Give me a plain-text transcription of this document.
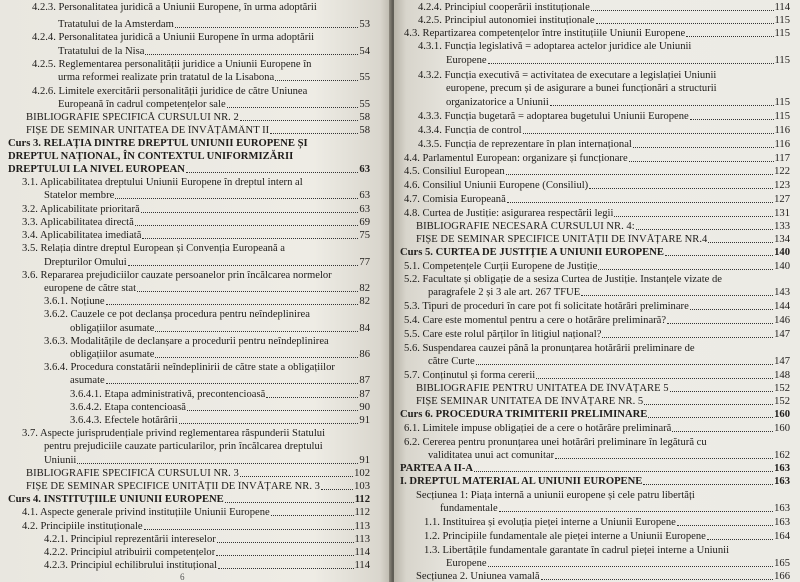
4.2.3. Personalitatea juridică a Uniunii Europene, în urma adoptării
Tratatului de la Amsterdam	53
4.2.4. Personalitatea juridică a Uniunii Europene în urma adoptării
Tratatului de la Nisa	54
4.2.5. Reglementarea personalității juridice a Uniunii Europene în
urma reformei realizate prin tratatul de la Lisabona	55
4.2.6. Limitele exercitării personalității juridice de către Uniunea
Europeană în cadrul competențelor sale	55
BIBLIOGRAFIE SPECIFICĂ CURSULUI NR. 2	58
FIȘE DE SEMINAR UNITATEA DE ÎNVĂȚĂMÂNT II	58
Curs 3. RELAȚIA DINTRE DREPTUL UNIUNII EUROPENE ȘI
DREPTUL NAȚIONAL, ÎN CONTEXTUL UNIFORMIZĂRII
DREPTULUI LA NIVEL EUROPEAN	63
3.1. Aplicabilitatea dreptului Uniunii Europene în dreptul intern al
Statelor membre	63
3.2. Aplicabilitate prioritară	63
3.3. Aplicabilitatea directă	69
3.4. Aplicabilitatea imediată	75
3.5. Relația dintre dreptul European și Convenția Europeană a
Drepturilor Omului	77
3.6. Repararea prejudiciilor cauzate persoanelor prin încălcarea normelor
europene de către stat	82
3.6.1. Noțiune	82
3.6.2. Cauzele ce pot declanșa procedura pentru neîndeplinirea
obligațiilor asumate	84
3.6.3. Modalitățile de declanșare a procedurii pentru neîndeplinirea
obligațiilor asumate	86
3.6.4. Procedura constatării neîndeplinirii de către state a obligațiilor
asumate	87
3.6.4.1. Etapa administrativă, precontencioasă	87
3.6.4.2. Etapa contencioasă	90
3.6.4.3. Efectele hotărârii	91
3.7. Aspecte jurisprudențiale privind reglementarea răspunderii Statului
pentru prejudiciile cauzate particularilor, prin încălcarea dreptului
Uniunii	91
BIBLIOGRAFIE SPECIFICĂ CURSULUI NR. 3	102
FIȘE DE SEMINAR SPECIFICE UNITĂȚII DE ÎNVĂȚARE NR. 3	103
Curs 4. INSTITUȚIILE UNIUNII EUROPENE	112
4.1. Aspecte generale privind instituțiile Uniunii Europene	112
4.2. Principiile instituționale	113
4.2.1. Principiul reprezentării intereselor	113
4.2.2. Principiul atribuirii competențelor	114
4.2.3. Principiul echilibrului instituțional	114
6
4.2.4. Principiul cooperării instituționale	114
4.2.5. Principiul autonomiei instituționale	115
4.3. Repartizarea competențelor între instituțiile Uniunii Europene	115
4.3.1. Funcția legislativă = adoptarea actelor juridice ale Uniunii
Europene	115
4.3.2. Funcția executivă = activitatea de executare a legislației Uniunii
europene, precum și de asigurare a bunei funcționări a structurii
organizatorice a Uniunii	115
4.3.3. Funcția bugetară = adoptarea bugetului Uniunii Europene	115
4.3.4. Funcția de control	116
4.3.5. Funcția de reprezentare în plan internațional	116
4.4. Parlamentul European: organizare și funcționare	117
4.5. Consiliul European	122
4.6. Consiliul Uniunii Europene (Consiliul)	123
4.7. Comisia Europeană	127
4.8. Curtea de Justiție: asigurarea respectării legii	131
BIBLIOGRAFIE NECESARĂ CURSULUI NR. 4:	133
FIȘE DE SEMINAR SPECIFICE UNITĂȚII DE ÎNVĂȚARE NR.4	134
Curs 5. CURTEA DE JUSTIȚIE A UNIUNII EUROPENE	140
5.1. Competențele Curții Europene de Justiție	140
5.2. Facultate și obligație de a sesiza Curtea de Justiție. Instanțele vizate de
paragrafele 2 și 3 ale art. 267 TFUE	143
5.3. Tipuri de proceduri în care pot fi solicitate hotărâri preliminare	144
5.4. Care este momentul pentru a cere o hotărâre preliminară?	146
5.5. Care este rolul părților în litigiul național?	147
5.6. Suspendarea cauzei până la pronunțarea hotărârii preliminare de
către Curte	147
5.7. Conținutul și forma cererii	148
BIBLIOGRAFIE PENTRU UNITATEA DE ÎNVĂȚARE 5	152
FIȘE SEMINAR UNITATEA DE ÎNVĂȚARE NR. 5	152
Curs 6. PROCEDURA TRIMITERII PRELIMINARE	160
6.1. Limitele impuse obligației de a cere o hotărâre preliminară	160
6.2. Cererea pentru pronunțarea unei hotărâri preliminare în legătură cu
validitatea unui act comunitar	162
PARTEA A II-A	163
I. DREPTUL MATERIAL AL UNIUNII EUROPENE	163
Secțiunea 1: Piața internă a uniunii europene și cele patru libertăți
fundamentale	163
1.1. Instituirea și evoluția pieței interne a Uniunii Europene	163
1.2. Principiile fundamentale ale pieței interne a Uniunii Europene	164
1.3. Libertățile fundamentale garantate în cadrul pieței interne a Uniunii
Europene	165
Secțiunea 2. Uniunea vamală	166
